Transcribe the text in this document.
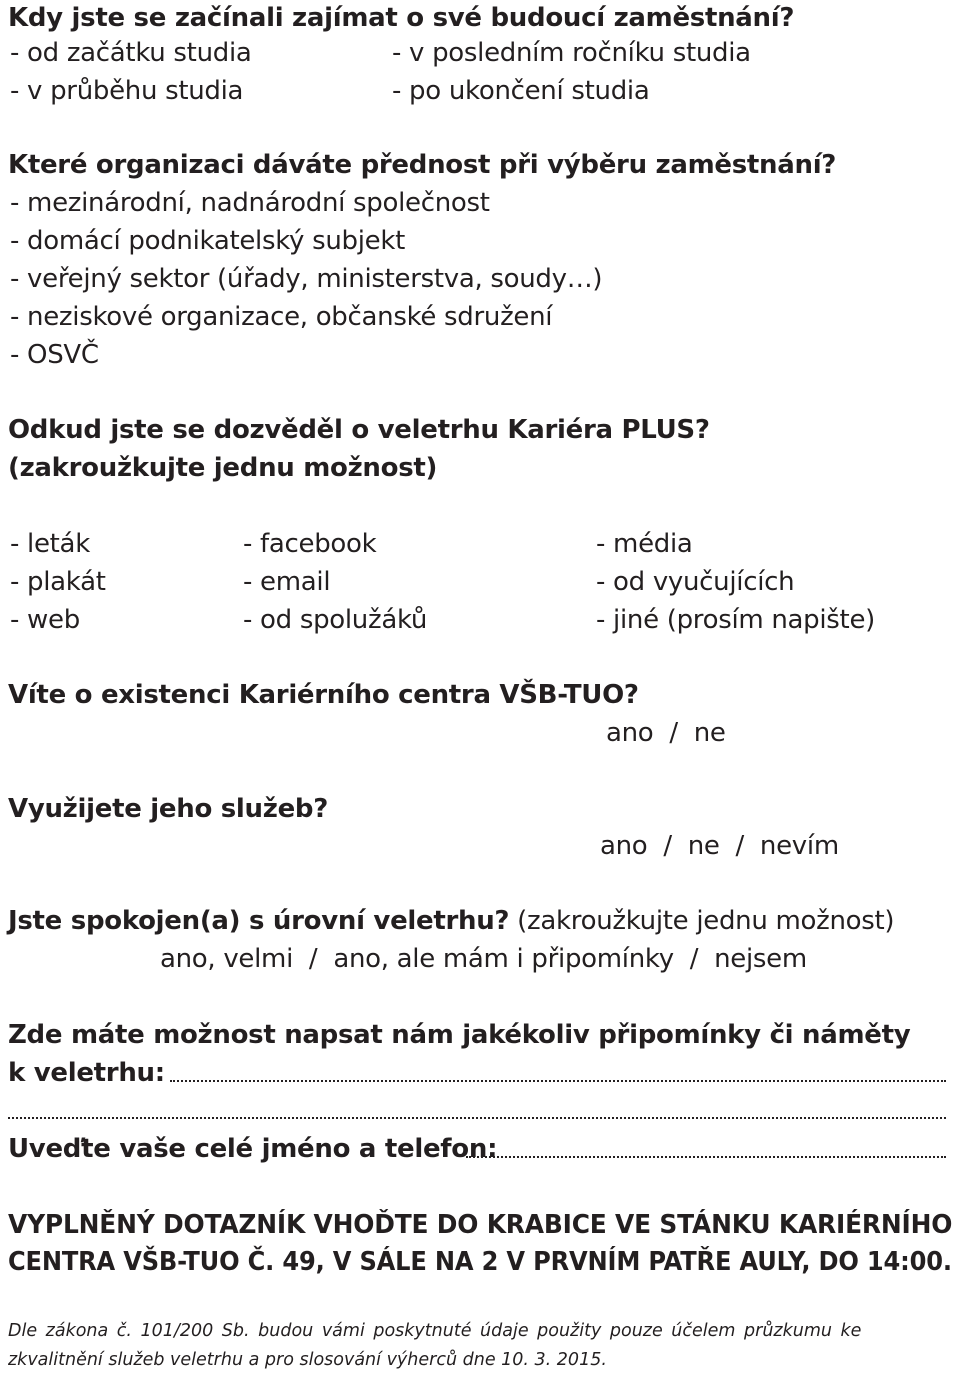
Kdy jste se začínali zajímat o své budoucí zaměstnání?
- od začátku studia	- v posledním ročníku studia
- v průběhu studia	- po ukončení studia
Které organizaci dáváte přednost při výběru zaměstnání?
- mezinárodní, nadnárodní společnost
- domácí podnikatelský subjekt
- veřejný sektor (úřady, ministerstva, soudy…)
- neziskové organizace, občanské sdružení
- OSVČ
Odkud jste se dozvěděl o veletrhu Kariéra PLUS?
(zakroužkujte jednu možnost)
- leták	- facebook	- média
- plakát	- email	- od vyučujících
- web	- od spolužáků	- jiné (prosím napište)
Víte o existenci Kariérního centra VŠB-TUO?
ano  /  ne
Využijete jeho služeb?
ano  /  ne  /  nevím
Jste spokojen(a) s úrovní veletrhu? (zakroužkujte jednu možnost)
ano, velmi  /  ano, ale mám i připomínky  /  nejsem
Zde máte možnost napsat nám jakékoliv připomínky či náměty
k veletrhu:
Uveďte vaše celé jméno a telefon:
VYPLNĚNÝ DOTAZNÍK VHOĎTE DO KRABICE VE STÁNKU KARIÉRNÍHO
CENTRA VŠB-TUO Č. 49, V SÁLE NA 2 V PRVNÍM PATŘE AULY, DO 14:00.
Dle zákona č. 101/200 Sb. budou vámi poskytnuté údaje použity pouze účelem průzkumu ke
zkvalitnění služeb veletrhu a pro slosování výherců dne 10. 3. 2015.
